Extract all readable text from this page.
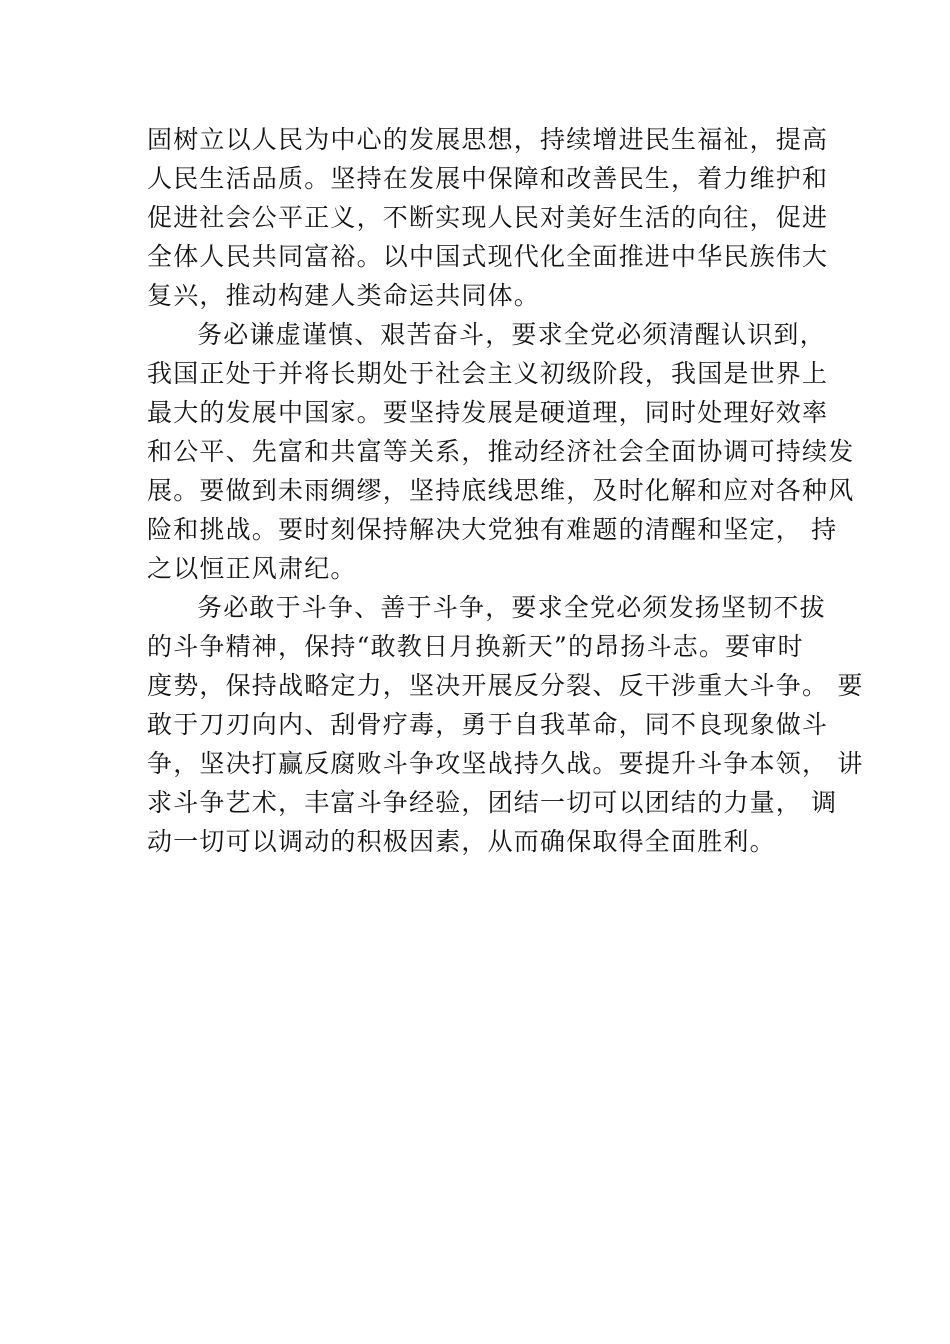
固树立以人民为中心的发展思想，持续增进民生福祉，提高
人民生活品质。坚持在发展中保障和改善民生，着力维护和
促进社会公平正义，不断实现人民对美好生活的向往，促进
全体人民共同富裕。以中国式现代化全面推进中华民族伟大
复兴，推动构建人类命运共同体。
务必谦虚谨慎、艰苦奋斗，要求全党必须清醒认识到，
我国正处于并将长期处于社会主义初级阶段，我国是世界上
最大的发展中国家。要坚持发展是硬道理，同时处理好效率
和公平、先富和共富等关系，推动经济社会全面协调可持续发
展。要做到未雨绸缪，坚持底线思维，及时化解和应对各种风
险和挑战。要时刻保持解决大党独有难题的清醒和坚定， 持
之以恒正风肃纪。
务必敢于斗争、善于斗争，要求全党必须发扬坚韧不拔
的斗争精神，保持“敢教日月换新天”的昂扬斗志。要审时
度势，保持战略定力，坚决开展反分裂、反干涉重大斗争。 要
敢于刀刃向内、刮骨疗毒，勇于自我革命，同不良现象做斗
争，坚决打赢反腐败斗争攻坚战持久战。要提升斗争本领， 讲
求斗争艺术，丰富斗争经验，团结一切可以团结的力量， 调
动一切可以调动的积极因素，从而确保取得全面胜利。
